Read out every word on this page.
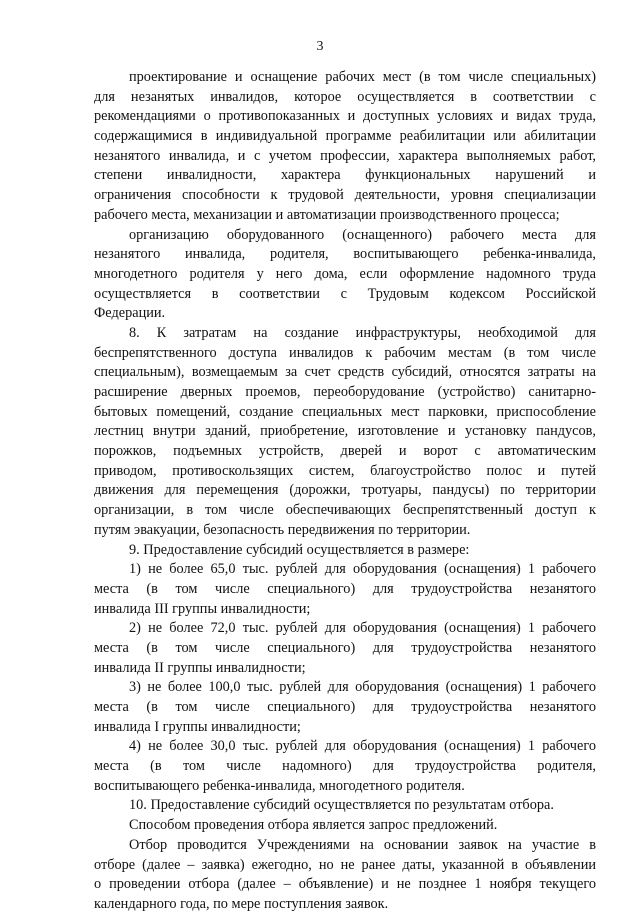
3
проектирование и оснащение рабочих мест (в том числе специальных)
для незанятых инвалидов, которое осуществляется в соответствии с
рекомендациями о противопоказанных и доступных условиях и видах труда,
содержащимися в индивидуальной программе реабилитации или абилитации
незанятого инвалида, и с учетом профессии, характера выполняемых работ,
степени инвалидности, характера функциональных нарушений и
ограничения способности к трудовой деятельности, уровня специализации
рабочего места, механизации и автоматизации производственного процесса;
организацию оборудованного (оснащенного) рабочего места для
незанятого инвалида, родителя, воспитывающего ребенка-инвалида,
многодетного родителя у него дома, если оформление надомного труда
осуществляется в соответствии с Трудовым кодексом Российской
Федерации.
8. К затратам на создание инфраструктуры, необходимой для
беспрепятственного доступа инвалидов к рабочим местам (в том числе
специальным), возмещаемым за счет средств субсидий, относятся затраты на
расширение дверных проемов, переоборудование (устройство) санитарно-
бытовых помещений, создание специальных мест парковки, приспособление
лестниц внутри зданий, приобретение, изготовление и установку пандусов,
порожков, подъемных устройств, дверей и ворот с автоматическим
приводом, противоскользящих систем, благоустройство полос и путей
движения для перемещения (дорожки, тротуары, пандусы) по территории
организации, в том числе обеспечивающих беспрепятственный доступ к
путям эвакуации, безопасность передвижения по территории.
9. Предоставление субсидий осуществляется в размере:
1) не более 65,0 тыс. рублей для оборудования (оснащения) 1 рабочего
места (в том числе специального) для трудоустройства незанятого
инвалида III группы инвалидности;
2) не более 72,0 тыс. рублей для оборудования (оснащения) 1 рабочего
места (в том числе специального) для трудоустройства незанятого
инвалида II группы инвалидности;
3) не более 100,0 тыс. рублей для оборудования (оснащения) 1 рабочего
места (в том числе специального) для трудоустройства незанятого
инвалида I группы инвалидности;
4) не более 30,0 тыс. рублей для оборудования (оснащения) 1 рабочего
места (в том числе надомного) для трудоустройства родителя,
воспитывающего ребенка-инвалида, многодетного родителя.
10. Предоставление субсидий осуществляется по результатам отбора.
Способом проведения отбора является запрос предложений.
Отбор проводится Учреждениями на основании заявок на участие в
отборе (далее – заявка) ежегодно, но не ранее даты, указанной в объявлении
о проведении отбора (далее – объявление) и не позднее 1 ноября текущего
календарного года, по мере поступления заявок.
